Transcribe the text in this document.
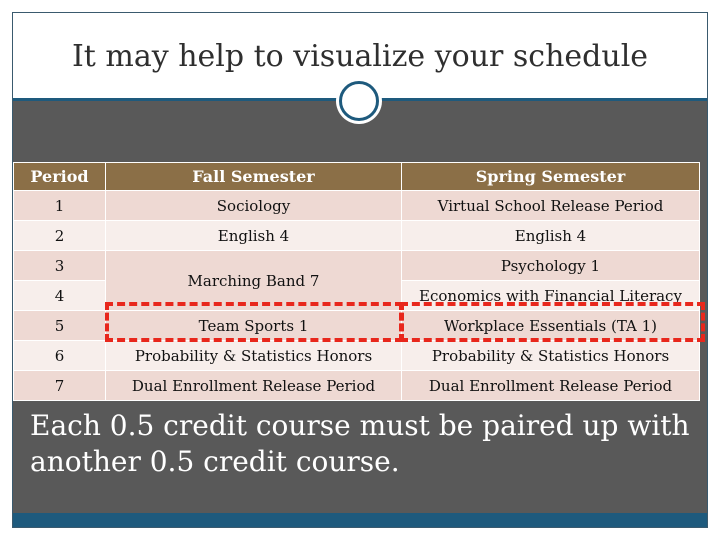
It may help to visualize your schedule
Period	Fall Semester	Spring Semester
1	Sociology	Virtual School Release Period
2	English 4	English 4
3	Marching Band 7	Psychology 1
4		Economics with Financial Literacy
5	Team Sports 1	Workplace Essentials (TA 1)
6	Probability & Statistics Honors	Probability & Statistics Honors
7	Dual Enrollment Release Period	Dual Enrollment Release Period
Each 0.5 credit course must be paired up with another 0.5 credit course.
